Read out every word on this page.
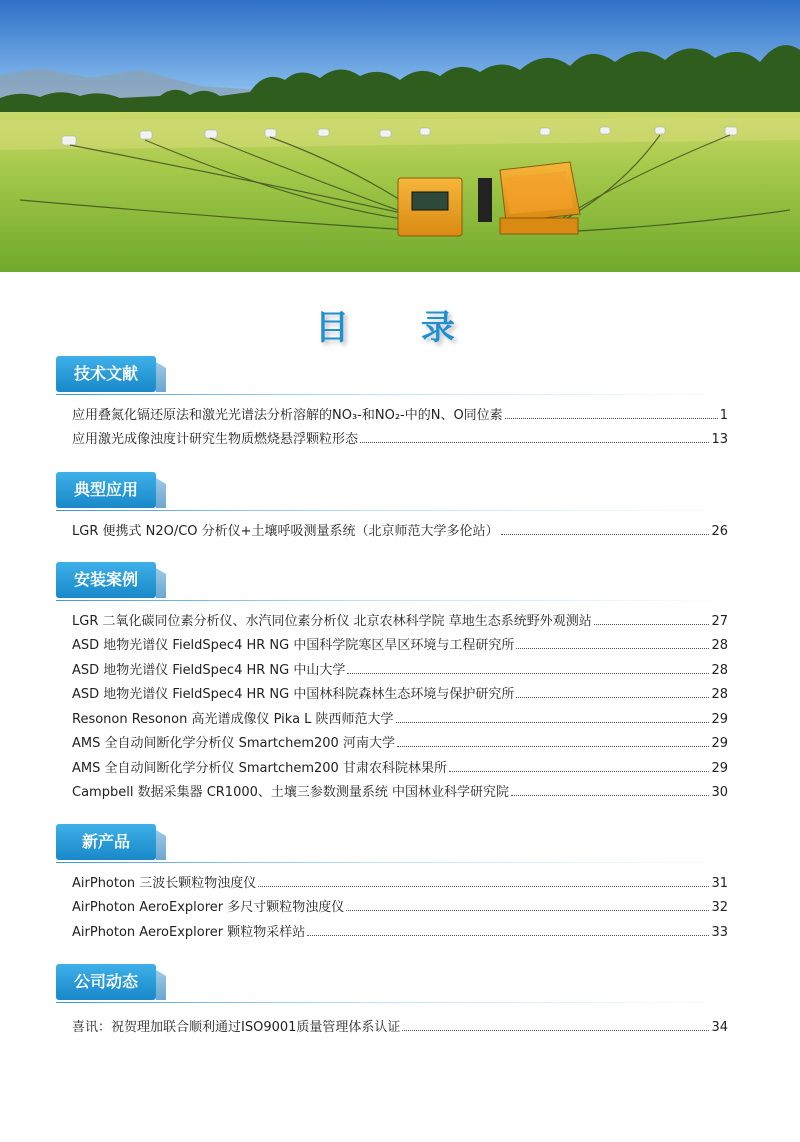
目 录
技术文献
应用叠氮化镉还原法和激光光谱法分析溶解的NO₃-和NO₂-中的N、O同位素	1
应用激光成像浊度计研究生物质燃烧悬浮颗粒形态	13
典型应用
LGR 便携式 N2O/CO 分析仪+土壤呼吸测量系统（北京师范大学多伦站）	26
安装案例
LGR 二氧化碳同位素分析仪、水汽同位素分析仪 北京农林科学院 草地生态系统野外观测站	27
ASD 地物光谱仪 FieldSpec4 HR NG 中国科学院寒区旱区环境与工程研究所	28
ASD 地物光谱仪 FieldSpec4 HR NG 中山大学	28
ASD 地物光谱仪 FieldSpec4 HR NG 中国林科院森林生态环境与保护研究所	28
Resonon Resonon 高光谱成像仪 Pika L 陕西师范大学	29
AMS 全自动间断化学分析仪 Smartchem200 河南大学	29
AMS 全自动间断化学分析仪 Smartchem200 甘肃农科院林果所	29
Campbell 数据采集器 CR1000、土壤三参数测量系统 中国林业科学研究院	30
新产品
AirPhoton 三波长颗粒物浊度仪	31
AirPhoton AeroExplorer 多尺寸颗粒物浊度仪	32
AirPhoton AeroExplorer 颗粒物采样站	33
公司动态
喜讯：祝贺理加联合顺利通过ISO9001质量管理体系认证	34
